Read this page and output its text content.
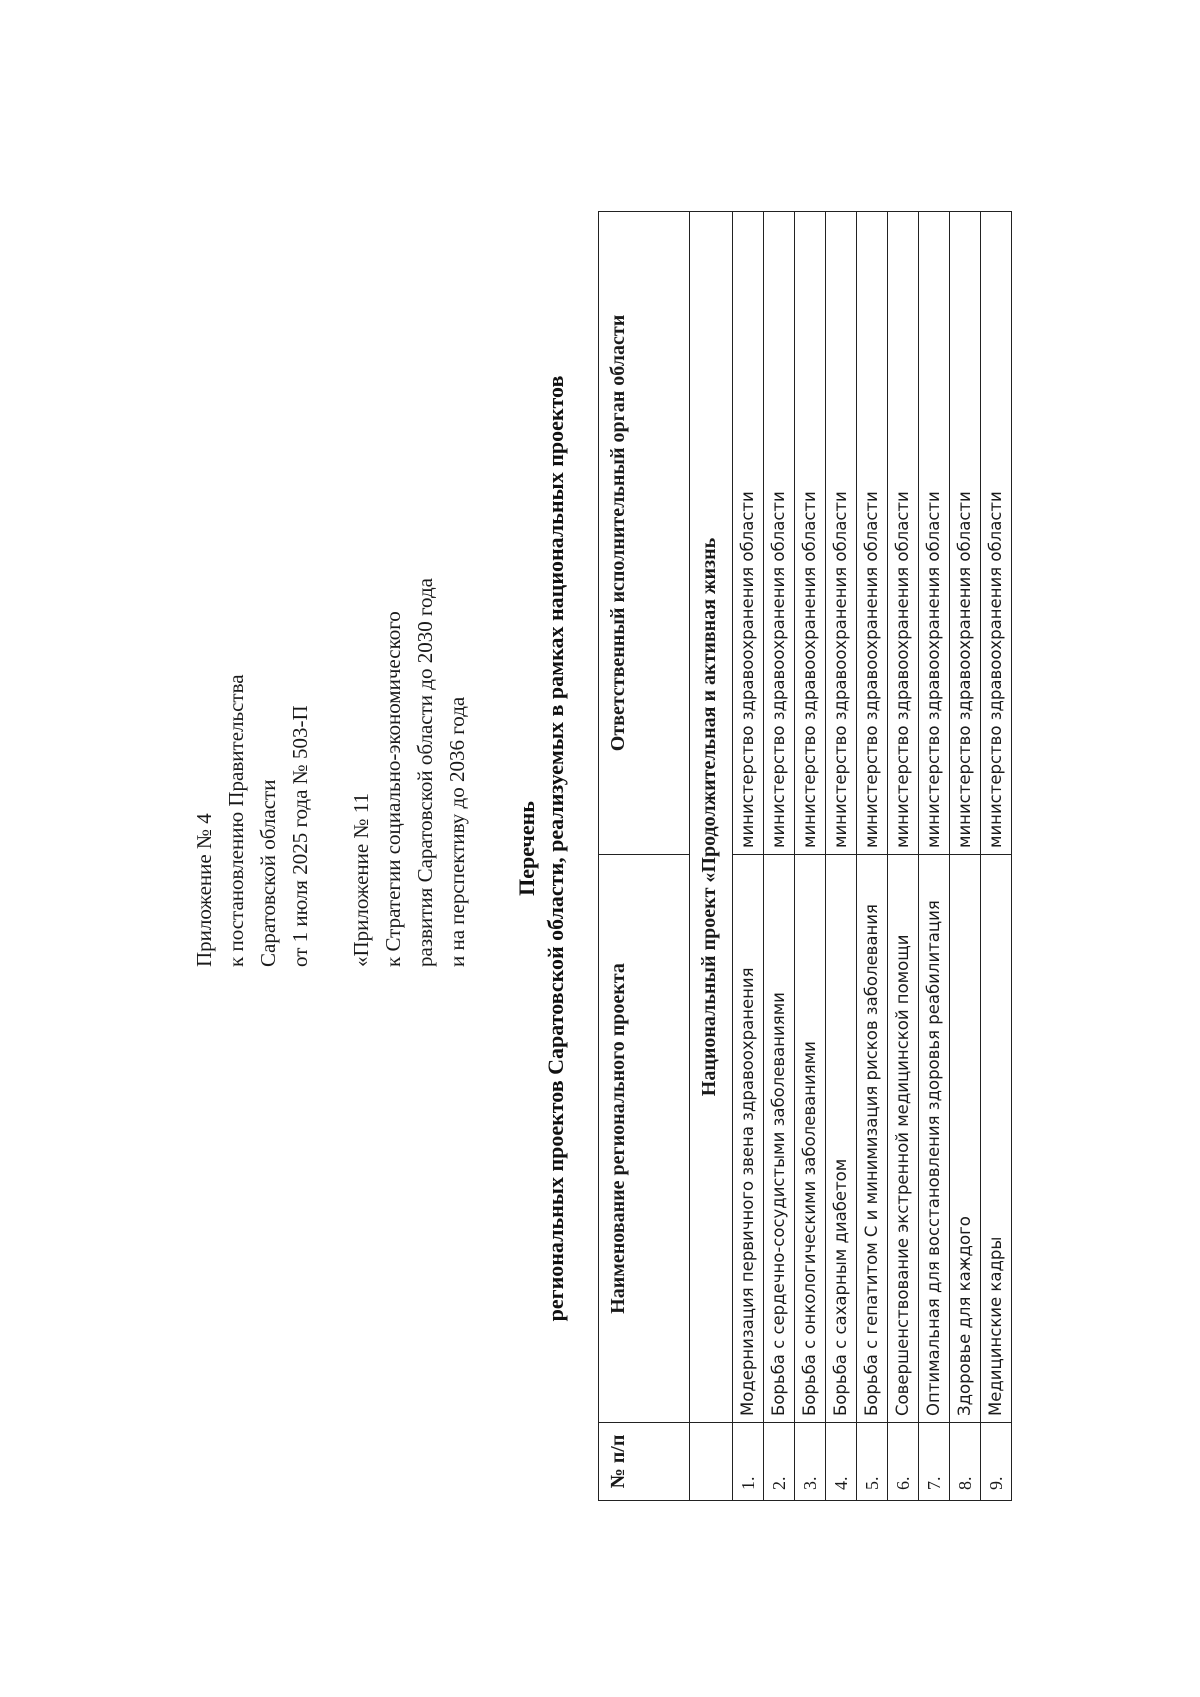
Приложение № 4 к постановлению Правительства Саратовской области от 1 июля 2025 года № 503-П «Приложение № 11 к Стратегии социально-экономического развития Саратовской области до 2030 года и на перспективу до 2036 года Перечень региональных проектов Саратовской области, реализуемых в рамках национальных проектов
№ п/п	Наименование регионального проекта	Ответственный исполнительный орган области
	Национальный проект «Продолжительная и активная жизнь	
1.	Модернизация первичного звена здравоохранения	министерство здравоохранения области
2.	Борьба с сердечно-сосудистыми заболеваниями	министерство здравоохранения области
3.	Борьба с онкологическими заболеваниями	министерство здравоохранения области
4.	Борьба с сахарным диабетом	министерство здравоохранения области
5.	Борьба с гепатитом С и минимизация рисков заболевания	министерство здравоохранения области
6.	Совершенствование экстренной медицинской помощи	министерство здравоохранения области
7.	Оптимальная для восстановления здоровья реабилитация	министерство здравоохранения области
8.	Здоровье для каждого	министерство здравоохранения области
9.	Медицинские кадры	министерство здравоохранения области
